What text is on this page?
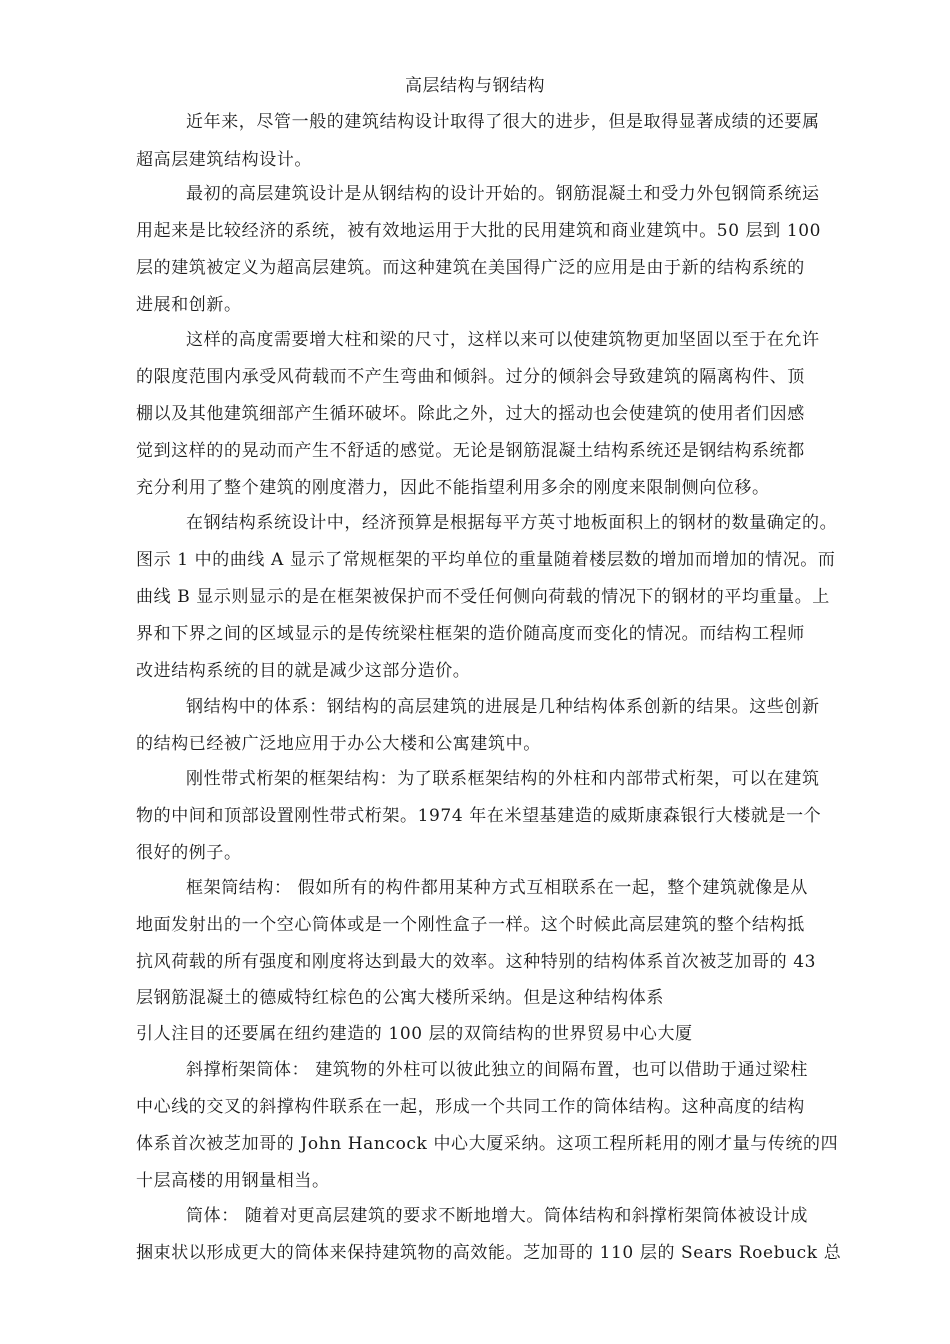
高层结构与钢结构
近年来，尽管一般的建筑结构设计取得了很大的进步，但是取得显著成绩的还要属
超高层建筑结构设计。
最初的高层建筑设计是从钢结构的设计开始的。钢筋混凝土和受力外包钢筒系统运
用起来是比较经济的系统，被有效地运用于大批的民用建筑和商业建筑中。50 层到 100
层的建筑被定义为超高层建筑。而这种建筑在美国得广泛的应用是由于新的结构系统的
进展和创新。
这样的高度需要增大柱和梁的尺寸，这样以来可以使建筑物更加坚固以至于在允许
的限度范围内承受风荷载而不产生弯曲和倾斜。过分的倾斜会导致建筑的隔离构件、顶
棚以及其他建筑细部产生循环破坏。除此之外，过大的摇动也会使建筑的使用者们因感
觉到这样的的晃动而产生不舒适的感觉。无论是钢筋混凝土结构系统还是钢结构系统都
充分利用了整个建筑的刚度潜力，因此不能指望利用多余的刚度来限制侧向位移。
在钢结构系统设计中，经济预算是根据每平方英寸地板面积上的钢材的数量确定的。
图示 1 中的曲线 A 显示了常规框架的平均单位的重量随着楼层数的增加而增加的情况。而
曲线 B 显示则显示的是在框架被保护而不受任何侧向荷载的情况下的钢材的平均重量。上
界和下界之间的区域显示的是传统梁柱框架的造价随高度而变化的情况。而结构工程师
改进结构系统的目的就是减少这部分造价。
钢结构中的体系：钢结构的高层建筑的进展是几种结构体系创新的结果。这些创新
的结构已经被广泛地应用于办公大楼和公寓建筑中。
刚性带式桁架的框架结构：为了联系框架结构的外柱和内部带式桁架，可以在建筑
物的中间和顶部设置刚性带式桁架。1974 年在米望基建造的威斯康森银行大楼就是一个
很好的例子。
框架筒结构： 假如所有的构件都用某种方式互相联系在一起，整个建筑就像是从
地面发射出的一个空心筒体或是一个刚性盒子一样。这个时候此高层建筑的整个结构抵
抗风荷载的所有强度和刚度将达到最大的效率。这种特别的结构体系首次被芝加哥的 43
层钢筋混凝土的德威特红棕色的公寓大楼所采纳。但是这种结构体系
引人注目的还要属在纽约建造的 100 层的双筒结构的世界贸易中心大厦
斜撑桁架筒体： 建筑物的外柱可以彼此独立的间隔布置，也可以借助于通过梁柱
中心线的交叉的斜撑构件联系在一起，形成一个共同工作的筒体结构。这种高度的结构
体系首次被芝加哥的 John Hancock 中心大厦采纳。这项工程所耗用的刚才量与传统的四
十层高楼的用钢量相当。
筒体： 随着对更高层建筑的要求不断地增大。筒体结构和斜撑桁架筒体被设计成
捆束状以形成更大的筒体来保持建筑物的高效能。芝加哥的 110 层的 Sears Roebuck 总
